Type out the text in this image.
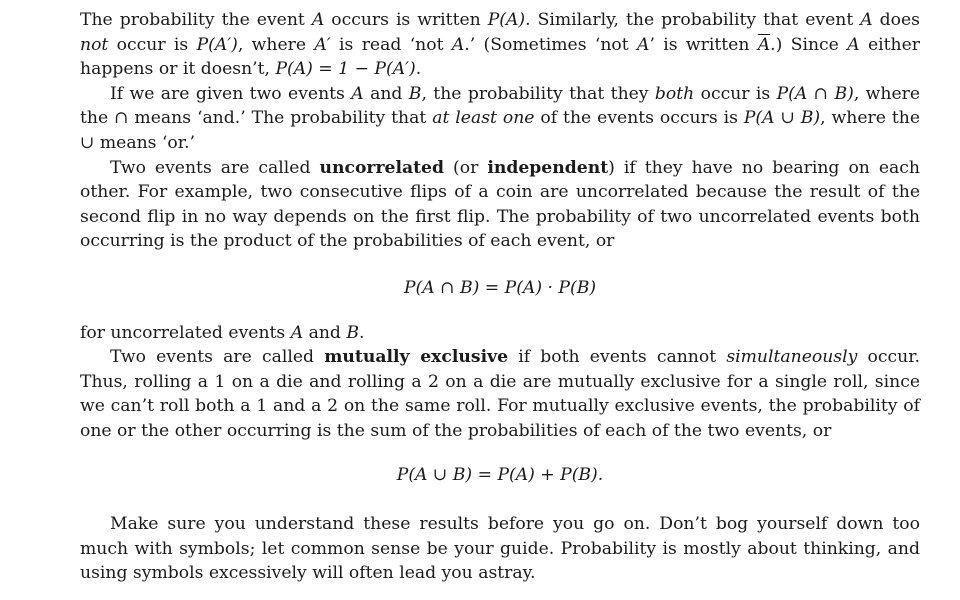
The probability the event A occurs is written P(A). Similarly, the probability that event A does not occur is P(A′), where A′ is read ‘not A.’ (Sometimes ‘not A’ is written $\overline{A}$.) Since A either happens or it doesn’t, P(A) = 1 − P(A′).

If we are given two events A and B, the probability that they both occur is P(A ∩ B), where the ∩ means ‘and.’ The probability that at least one of the events occurs is P(A ∪ B), where the ∪ means ‘or.’

Two events are called uncorrelated (or independent) if they have no bearing on each other. For example, two consecutive flips of a coin are uncorrelated because the result of the second flip in no way depends on the first flip. The probability of two uncorrelated events both occurring is the product of the probabilities of each event, or

P(A ∩ B) = P(A) · P(B)

for uncorrelated events A and B.

Two events are called mutually exclusive if both events cannot simultaneously occur. Thus, rolling a 1 on a die and rolling a 2 on a die are mutually exclusive for a single roll, since we can’t roll both a 1 and a 2 on the same roll. For mutually exclusive events, the probability of one or the other occurring is the sum of the probabilities of each of the two events, or

P(A ∪ B) = P(A) + P(B).

Make sure you understand these results before you go on. Don’t bog yourself down too much with symbols; let common sense be your guide. Probability is mostly about thinking, and using symbols excessively will often lead you astray.
